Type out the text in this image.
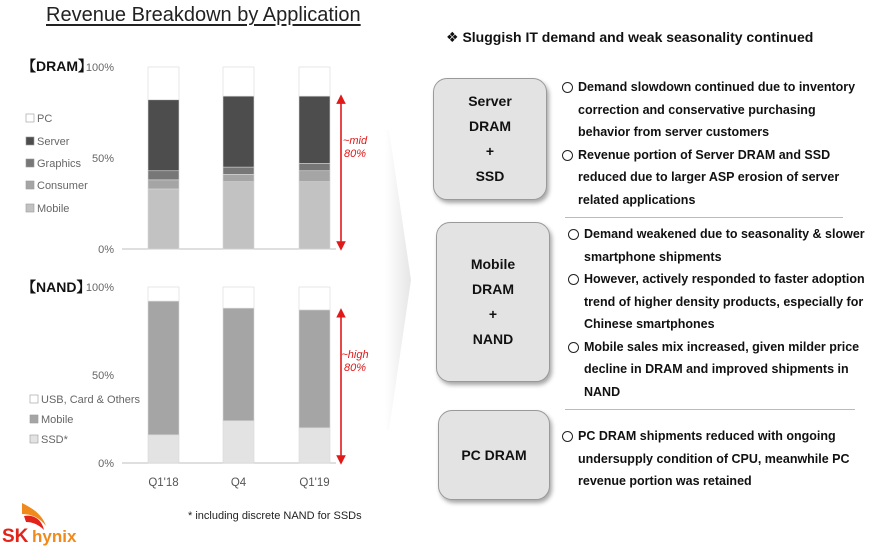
Revenue Breakdown by Application
【DRAM】
【NAND】
100%
50%
0%
PC
Server
Graphics
Consumer
Mobile
~mid
80%
100%
50%
0%
Q1'18	Q4	Q1'19
USB, Card & Others
Mobile
SSD*
~high
80%
❖ Sluggish IT demand and weak seasonality continued
Server
DRAM
+
SSD
Demand slowdown continued due to inventory correction and conservative purchasing behavior from server customers
Revenue portion of Server DRAM and SSD reduced due to larger ASP erosion of server related applications
Mobile
DRAM
+
NAND
Demand weakened due to seasonality & slower smartphone shipments
However, actively responded to faster adoption trend of higher density products, especially for Chinese smartphones
Mobile sales mix increased, given milder price decline in DRAM and improved shipments in NAND
PC DRAM
PC DRAM shipments reduced with ongoing undersupply condition of CPU, meanwhile PC revenue portion was retained
* including discrete NAND for SSDs
SK hynix
